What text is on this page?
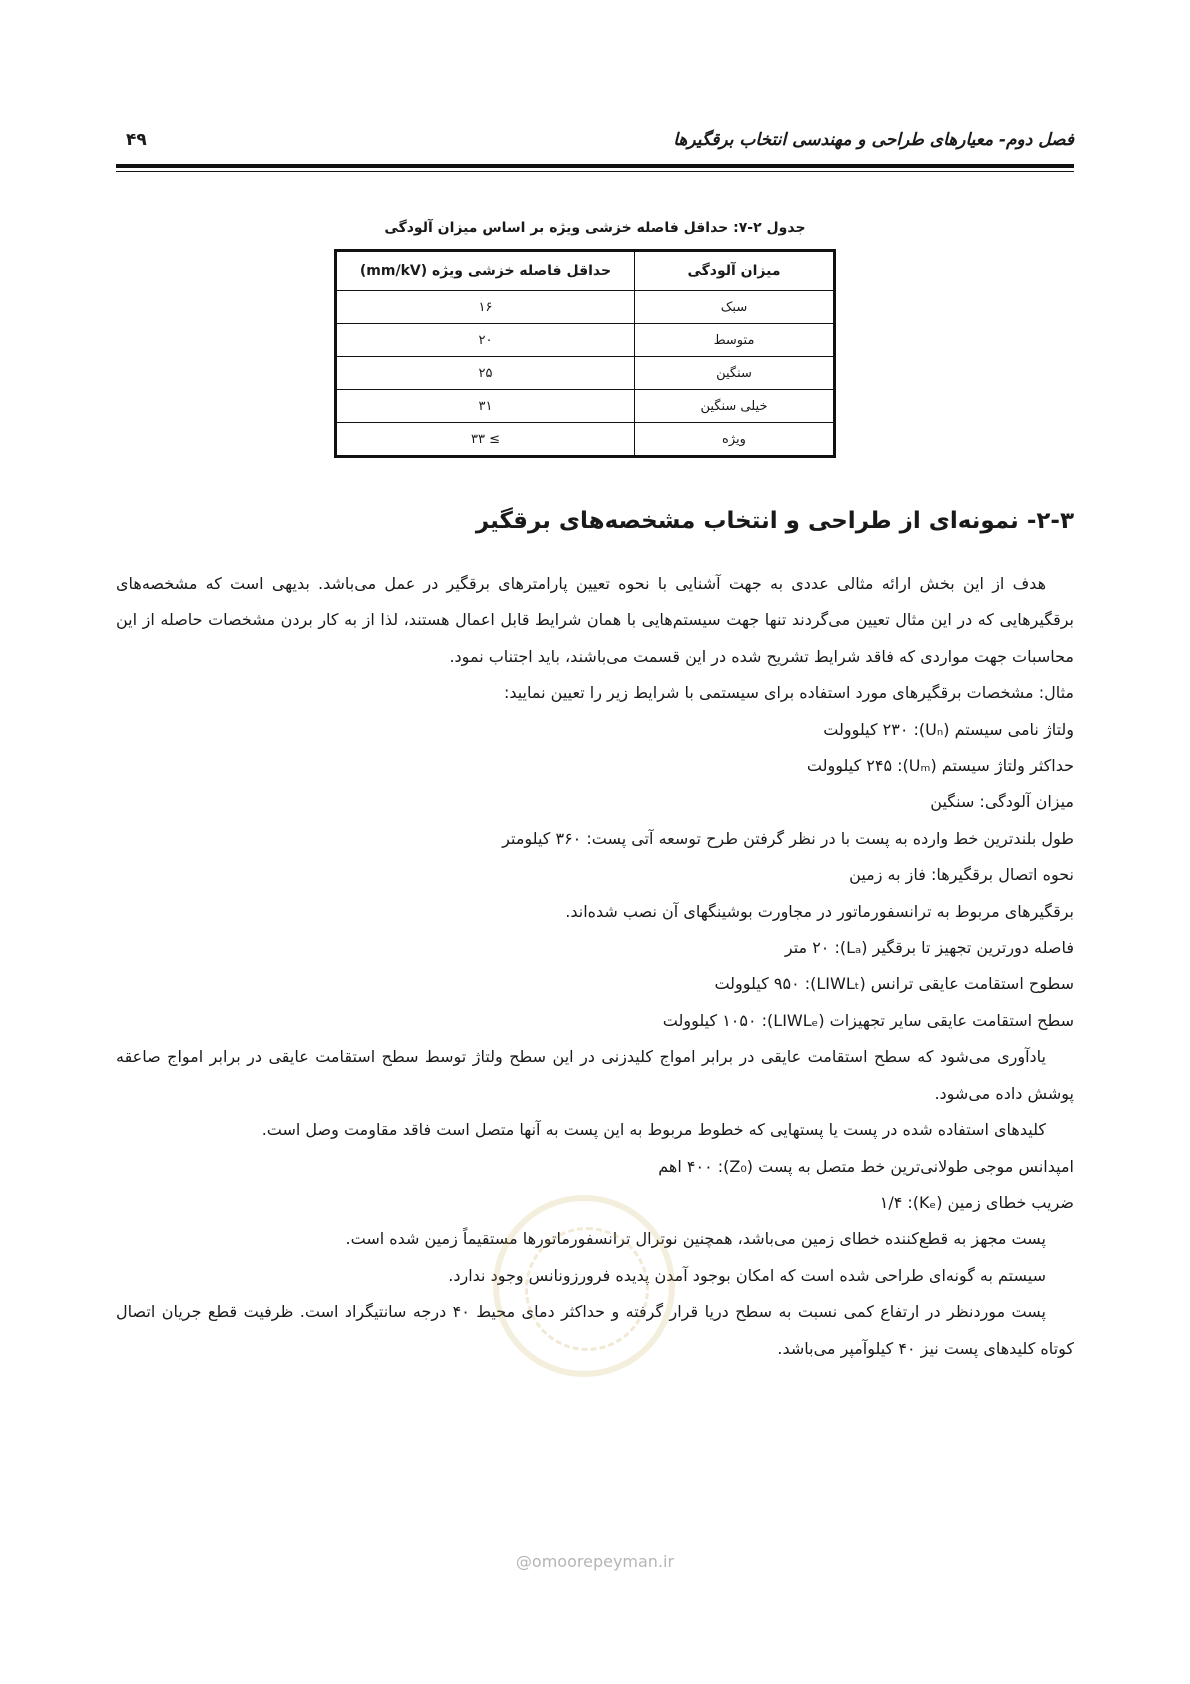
فصل دوم- معیارهای طراحی و مهندسی انتخاب برقگیرها
۴۹
جدول ۲-۷: حداقل فاصله خزشی ویژه بر اساس میزان آلودگی
میزان آلودگی	حداقل فاصله خزشی ویژه (mm/kV)
سبک	۱۶
متوسط	۲۰
سنگین	۲۵
خیلی سنگین	۳۱
ویژه	≥ ۳۳
۲-۳- نمونه‌ای از طراحی و انتخاب مشخصه‌های برقگیر

هدف از این بخش ارائه مثالی عددی به جهت آشنایی با نحوه تعیین پارامترهای برقگیر در عمل می‌باشد. بدیهی است که مشخصه‌های برقگیرهایی که در این مثال تعیین می‌گردند تنها جهت سیستم‌هایی با همان شرایط قابل اعمال هستند، لذا از به کار بردن مشخصات حاصله از این محاسبات جهت مواردی که فاقد شرایط تشریح شده در این قسمت می‌باشند، باید اجتناب نمود.

مثال: مشخصات برقگیرهای مورد استفاده برای سیستمی با شرایط زیر را تعیین نمایید:

ولتاژ نامی سیستم (Uₙ): ۲۳۰ کیلوولت

حداکثر ولتاژ سیستم (Uₘ): ۲۴۵ کیلوولت

میزان آلودگی: سنگین

طول بلندترین خط وارده به پست با در نظر گرفتن طرح توسعه آتی پست: ۳۶۰ کیلومتر

نحوه اتصال برقگیرها: فاز به زمین

برقگیرهای مربوط به ترانسفورماتور در مجاورت بوشینگهای آن نصب شده‌اند.

فاصله دورترین تجهیز تا برقگیر (Lₐ): ۲۰ متر

سطوح استقامت عایقی ترانس (LIWLₜ): ۹۵۰ کیلوولت

سطح استقامت عایقی سایر تجهیزات (LIWLₑ): ۱۰۵۰ کیلوولت

یادآوری می‌شود که سطح استقامت عایقی در برابر امواج کلیدزنی در این سطح ولتاژ توسط سطح استقامت عایقی در برابر امواج صاعقه پوشش داده می‌شود.

کلیدهای استفاده شده در پست یا پستهایی که خطوط مربوط به این پست به آنها متصل است فاقد مقاومت وصل است.

امپدانس موجی طولانی‌ترین خط متصل به پست (Z₀): ۴۰۰ اهم

ضریب خطای زمین (Kₑ): ۱/۴

پست مجهز به قطع‌کننده خطای زمین می‌باشد، همچنین نوترال ترانسفورماتورها مستقیماً زمین شده است.

سیستم به گونه‌ای طراحی شده است که امکان بوجود آمدن پدیده فرورزونانس وجود ندارد.

پست موردنظر در ارتفاع کمی نسبت به سطح دریا قرار گرفته و حداکثر دمای محیط ۴۰ درجه سانتیگراد است. ظرفیت قطع جریان اتصال کوتاه کلیدهای پست نیز ۴۰ کیلوآمپر می‌باشد.

@omoorepeyman.ir
